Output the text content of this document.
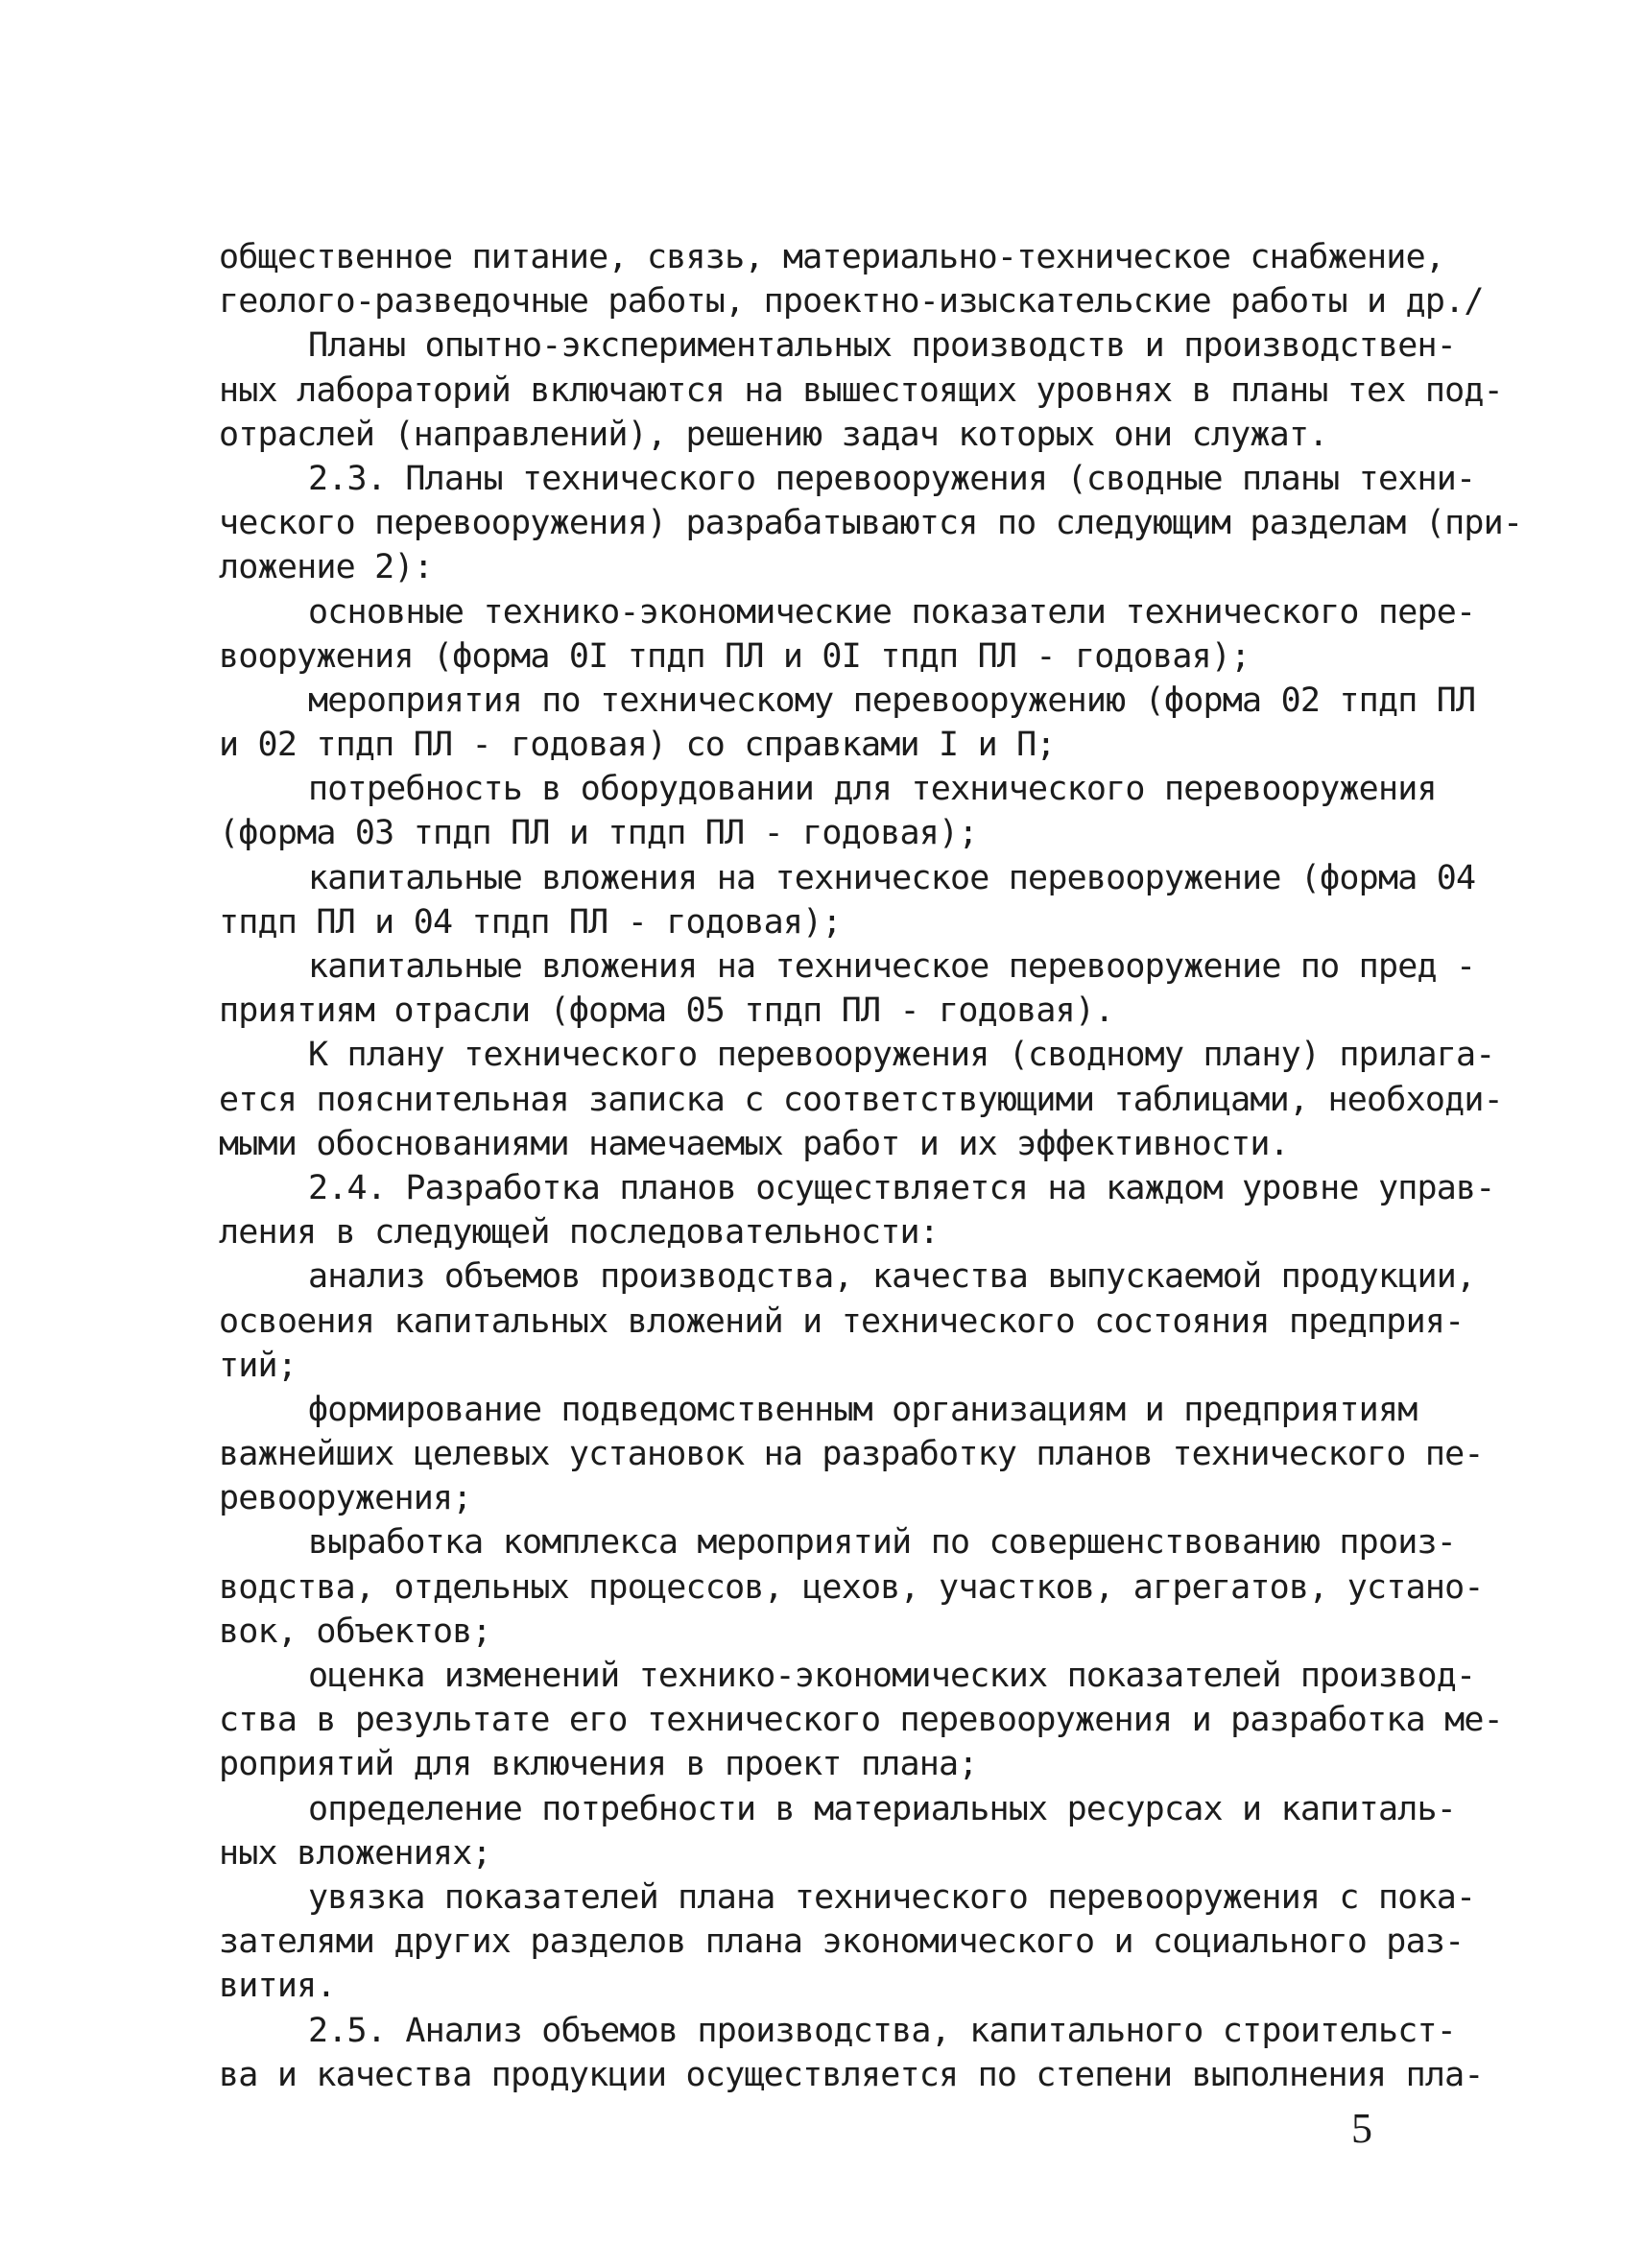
общественное питание, связь, материально-техническое снабжение,
геолого-разведочные работы, проектно-изыскательские работы и др./
Планы опытно-экспериментальных производств и производствен-
ных лабораторий включаются на вышестоящих уровнях в планы тех под-
отраслей (направлений), решению задач которых они служат.
2.3. Планы технического перевооружения (сводные планы техни-
ческого перевооружения) разрабатываются по следующим разделам (при-
ложение 2):
основные технико-экономические показатели технического пере-
вооружения (форма 0I тпдп ПЛ и 0I тпдп ПЛ - годовая);
мероприятия по техническому перевооружению (форма 02 тпдп ПЛ
и 02 тпдп ПЛ - годовая) со справками I и П;
потребность в оборудовании для технического перевооружения
(форма 03 тпдп ПЛ и тпдп ПЛ - годовая);
капитальные вложения на техническое перевооружение (форма 04
тпдп ПЛ и 04 тпдп ПЛ - годовая);
капитальные вложения на техническое перевооружение по пред -
приятиям отрасли (форма 05 тпдп ПЛ - годовая).
К плану технического перевооружения (сводному плану) прилага-
ется пояснительная записка с соответствующими таблицами, необходи-
мыми обоснованиями намечаемых работ и их эффективности.
2.4. Разработка планов осуществляется на каждом уровне управ-
ления в следующей последовательности:
анализ объемов производства, качества выпускаемой продукции,
освоения капитальных вложений и технического состояния предприя-
тий;
формирование подведомственным организациям и предприятиям
важнейших целевых установок на разработку планов технического пе-
ревооружения;
выработка комплекса мероприятий по совершенствованию произ-
водства, отдельных процессов, цехов, участков, агрегатов, устано-
вок, объектов;
оценка изменений технико-экономических показателей производ-
ства в результате его технического перевооружения и разработка ме-
роприятий для включения в проект плана;
определение потребности в материальных ресурсах и капиталь-
ных вложениях;
увязка показателей плана технического перевооружения с пока-
зателями других разделов плана экономического и социального раз-
вития.
2.5. Анализ объемов производства, капитального строительст-
ва и качества продукции осуществляется по степени выполнения пла-
5
